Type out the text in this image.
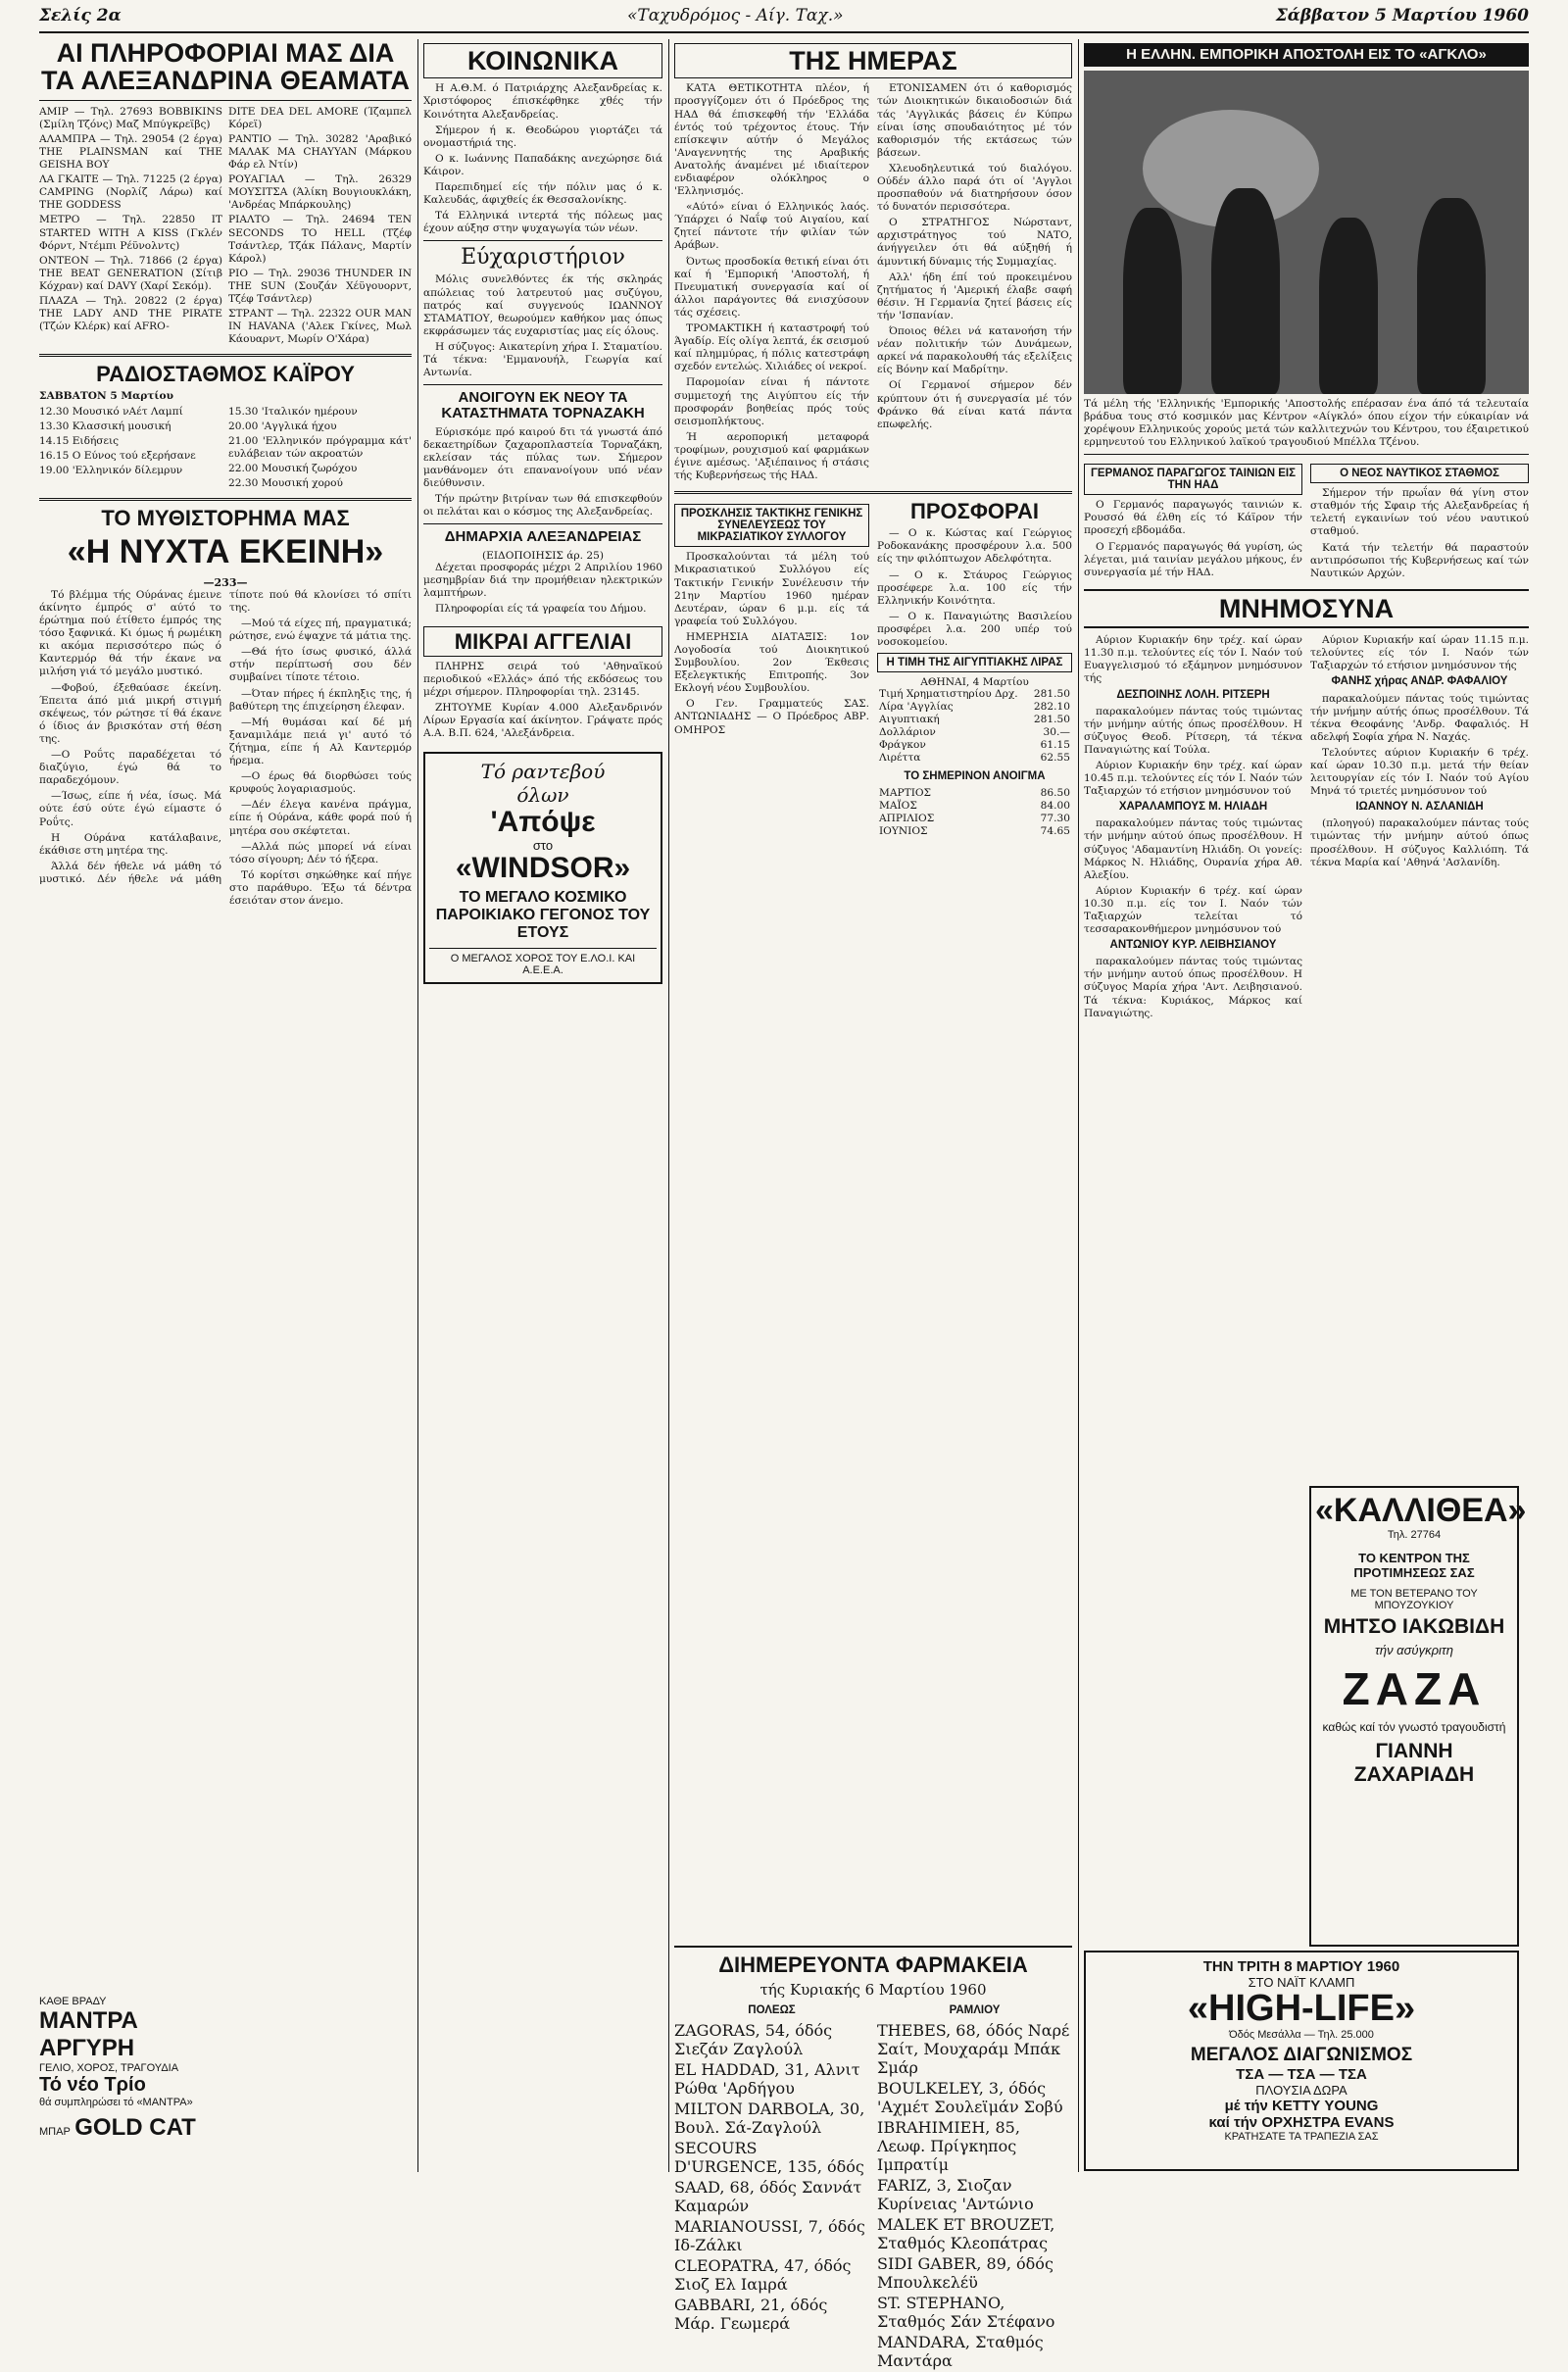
Σελίς 2α	«Ταχυδρόμος - Αίγ. Ταχ.»	Σάββατον 5 Μαρτίου 1960
ΑΙ ΠΛΗΡΟΦΟΡΙΑΙ ΜΑΣ ΔΙΑ ΤΑ ΑΛΕΞΑΝΔΡΙΝΑ ΘΕΑΜΑΤΑ

ΑΜΙΡ — Τηλ. 27693 BOBBIKINS (Σμίλη Τζόνς) Μαζ Μπύγκρεϊβς)

ΑΛΑΜΠΡΑ — Τηλ. 29054 (2 έργα) THE PLAINSMAN καί THE GEISHA BOY

ΛΑ ΓΚΑΙΤΕ — Τηλ. 71225 (2 έργα) CAMPING (Νορλίζ Λάρω) καί THE GODDESS

ΜΕΤΡΟ — Τηλ. 22850 IT STARTED WITH A KISS (Γκλέν Φόρντ, Ντέμπι Ρέϋνολντς)

ΟΝΤΕΟΝ — Τηλ. 71866 (2 έργα) THE BEAT GENERATION (Σίτιβ Κόχραν) καί DAVY (Χαρί Σεκόμ).

ΠΛΑΖΑ — Τηλ. 20822 (2 έργα) THE LADY AND THE PIRATE (Τζών Κλέρκ) καί AFRO-

DITE DEA DEL AMORE (Ίζαμπελ Κόρεϊ)

ΡΑΝΤΙΟ — Τηλ. 30282 'Αραβικό ΜΑΛΑΚ ΜΑ CHAYYAN (Μάρκου Φάρ ελ Ντίν)

ΡΟΥΑΓΙΑΛ — Τηλ. 26329 ΜΟΥΣΙΤΣΑ (Άλίκη Βουγιουκλάκη, 'Ανδρέας Μπάρκουλης)

ΡΙΑΛΤΟ — Τηλ. 24694 TEN SECONDS TO HELL (Τζέφ Τσάντλερ, Τζάκ Πάλανς, Μαρτίν Κάρολ)

ΡΙΟ — Τηλ. 29036 THUNDER IN THE SUN (Σουζάν Χέϋγουορντ, Τζέφ Τσάντλερ)

ΣΤΡΑΝΤ — Τηλ. 22322 OUR MAN IN HAVANA ('Αλεκ Γκίνες, Μωλ Κάουαρντ, Μωρίν Ο'Χάρα)

ΡΑΔΙΟΣΤΑΘΜΟΣ ΚΑΪΡΟΥ

ΣΑΒΒΑΤΟΝ 5 Μαρτίου

12.30 Μουσικό νΑέτ Λαμπί

13.30 Κλασσική μουσική

14.15 Ειδήσεις

16.15 Ο Εύνος τού εξερήσανε

19.00 'Ελληνικόν δίλεμρυν

15.30 'Ιταλικόν ημέρουν

20.00 'Αγγλικά ήχου

21.00 'Ελληνικόν πρόγραμμα κάτ' ευλάβειαν τών ακροατών

22.00 Μουσική ζωρόχου

22.30 Μουσική χορού

ΤΟ ΜΥΘΙΣΤΟΡΗΜΑ ΜΑΣ
«Η ΝΥΧΤΑ ΕΚΕΙΝΗ»
—233—

Τό βλέμμα τής Ούράνας έμεινε άκίνητο έμπρός σ' αύτό το έρώτημα πού έτίθετο έμπρός της τόσο ξαφνικά. Κι όμως ή ρωμέικη κι ακόμα περισσότερο πώς ό Καντερμόρ θά τήν έκανε να μιλήση γιά τό μεγάλο μυστικό.

—Φοβού, έξεθαύασε έκείνη. Έπειτα άπό μιά μικρή στιγμή σκέψεως, τόν ρώτησε τί θά έκανε ό ίδιος άν βρισκόταν στή θέση της.

—Ο Ροΰτς παραδέχεται τό διαζύγιο, έγώ θά το παραδεχόμουν.

—Ίσως, είπε ή νέα, ίσως. Μά ούτε έσύ ούτε έγώ είμαστε ό Ροΰτς.

Η Ούράνα κατάλαβαινε, έκάθισε στη μητέρα της.

Άλλά δέν ήθελε νά μάθη τό μυστικό. Δέν ήθελε νά μάθη τίποτε πού θά κλονίσει τό σπίτι της.

—Μού τά είχες πή, πραγματικά; ρώτησε, ενώ έψαχνε τά μάτια της.

—Θά ήτο ίσως φυσικό, άλλά στήν περίπτωσή σου δέν συμβαίνει τίποτε τέτοιο.

—Όταν πήρες ή έκπληξις της, ή βαθύτερη της έπιχείρηση έλεφαν.

—Μή θυμάσαι καί δέ μή ξαναμιλάμε πειά γι' αυτό τό ζήτημα, είπε ή Αλ Καντερμόρ ήρεμα.

—Ο έρως θά διορθώσει τούς κρυφούς λογαριασμούς.

—Δέν έλεγα κανένα πράγμα, είπε ή Ούράνα, κάθε φορά πού ή μητέρα σου σκέφτεται.

—Αλλά πώς μπορεί νά είναι τόσο σίγουρη; Δέν τό ήξερα.

Τό κορίτσι σηκώθηκε καί πήγε στο παράθυρο. Έξω τά δέντρα έσειόταν στον άνεμο.

ΚΑΘΕ ΒΡΑΔΥ
ΜΑΝΤΡΑ ΑΡΓΥΡΗ
ΓΕΛΙΟ, ΧΟΡΟΣ, ΤΡΑΓΟΥΔΙΑ
Τό νέο Τρίο
θά συμπληρώσει τό «ΜΑΝΤΡΑ»
ΜΠΑΡ GOLD CAT
ΚΟΙΝΩΝΙΚΑ

Η Α.Θ.Μ. ό Πατριάρχης Αλεξανδρείας κ. Χριστόφορος έπισκέφθηκε χθές τήν Κοινότητα Αλεξανδρείας.

Σήμερον ή κ. Θεοδώρου γιορτάζει τά ονομαστήριά της.

Ο κ. Ιωάννης Παπαδάκης ανεχώρησε διά Κάιρον.

Παρεπιδημεί είς τήν πόλιν μας ό κ. Καλευδάς, άφιχθείς έκ Θεσσαλονίκης.

Τά Ελληνικά ιντερτά τής πόλεως μας έχουν αύξησ στην ψυχαγωγία τών νέων.

Εύχαριστήριον

Μόλις συνελθόντες έκ τής σκληράς απώλειας τού λατρευτού μας συζύγου, πατρός καί συγγενούς ΙΩΑΝΝΟΥ ΣΤΑΜΑΤΙΟΥ, θεωρούμεν καθήκον μας όπως εκφράσωμεν τάς ευχαριστίας μας είς όλους.

Η σύζυγος: Αικατερίνη χήρα Ι. Σταματίου. Τά τέκνα: 'Εμμανουήλ, Γεωργία καί Αντωνία.

ΑΝΟΙΓΟΥΝ ΕΚ ΝΕΟΥ ΤΑ ΚΑΤΑΣΤΗΜΑΤΑ ΤΟΡΝΑΖΑΚΗ

Εύρισκόμε πρό καιρού δτι τά γνωστά άπό δεκαετηρίδων ζαχαροπλαστεία Τορναζάκη, εκλείσαν τάς πύλας των. Σήμερον μανθάνομεν ότι επανανοίγουν υπό νέαν διεύθυνσιν.

Τήν πρώτην βιτρίναν των θά επισκεφθούν οι πελάται και ο κόσμος της Αλεξανδρείας.

ΔΗΜΑΡΧΙΑ ΑΛΕΞΑΝΔΡΕΙΑΣ
(ΕΙΔΟΠΟΙΗΣΙΣ άρ. 25)

Δέχεται προσφοράς μέχρι 2 Απριλίου 1960 μεσημβρίαν διά την προμήθειαν ηλεκτρικών λαμπτήρων.

Πληροφορίαι είς τά γραφεία του Δήμου.

ΜΙΚΡΑΙ ΑΓΓΕΛΙΑΙ

ΠΛΗΡΗΣ σειρά τού 'Αθηναϊκού περιοδικού «Ελλάς» άπό τής εκδόσεως του μέχρι σήμερον. Πληροφορίαι τηλ. 23145.

ΖΗΤΟΥΜΕ Κυρίαν 4.000 Αλεξανδρινόν Λίρων Εργασία καί άκίνητον. Γράψατε πρός Α.Α. Β.Π. 624, 'Αλεξάνδρεια.

Τό ραντεβού
όλων
'Απόψε
στο
«WINDSOR»
ΤΟ ΜΕΓΑΛΟ ΚΟΣΜΙΚΟ ΠΑΡΟΙΚΙΑΚΟ ΓΕΓΟΝΟΣ ΤΟΥ ΕΤΟΥΣ
Ο ΜΕΓΑΛΟΣ ΧΟΡΟΣ ΤΟΥ Ε.ΛΟ.Ι. ΚΑΙ Α.Ε.Ε.Α.
ΤΗΣ ΗΜΕΡΑΣ

ΚΑΤΑ ΘΕΤΙΚΟΤΗΤΑ πλέον, ή προσγγίζομεν ότι ό Πρόεδρος της ΗΑΔ θά έπισκεφθή τήν 'Ελλάδα έντός τού τρέχοντος έτους. Τήν επίσκεψιν αύτήν ό Μεγάλος 'Αναγεννητής της Αραβικής Ανατολής άναμένει μέ ιδιαίτερον ενδιαφέρον ολόκληρος ο 'Ελληνισμός.

«Αύτό» είναι ό Ελληνικός λαός. Ύπάρχει ό Ναΐφ τού Αιγαίου, καί ζητεί πάντοτε τήν φιλίαν τών Αράβων.

Όντως προσδοκία θετική είναι ότι καί ή 'Εμπορική 'Αποστολή, ή Πνευματική συνεργασία καί οί άλλοι παράγοντες θά ενισχύσουν τάς σχέσεις.

ΤΡΟΜΑΚΤΙΚΗ ή καταστροφή τού Άγαδίρ. Είς ολίγα λεπτά, έκ σεισμού καί πλημμύρας, ή πόλις κατεστράφη σχεδόν εντελώς. Χιλιάδες οί νεκροί.

Παρομοίαν είναι ή πάντοτε συμμετοχή της Αιγύπτου είς τήν προσφοράν βοηθείας πρός τούς σεισμοπλήκτους.

Ή αεροπορική μεταφορά τροφίμων, ρουχισμού καί φαρμάκων έγινε αμέσως. 'Αξιέπαινος ή στάσις τής Κυβερνήσεως τής ΗΑΔ.

ΕΤΟΝΙΣΑΜΕΝ ότι ό καθορισμός τών Διοικητικών δικαιοδοσιών διά τάς 'Αγγλικάς βάσεις έν Κύπρω είναι ίσης σπουδαιότητος μέ τόν καθορισμόν τής εκτάσεως τών βάσεων.

Χλευοδηλευτικά τού διαλόγου. Ούδέν άλλο παρά ότι οί 'Αγγλοι προσπαθούν νά διατηρήσουν όσον τό δυνατόν περισσότερα.

Ο ΣΤΡΑΤΗΓΟΣ Νώρσταντ, αρχιστράτηγος τού ΝΑΤΟ, άνήγγειλεν ότι θά αύξηθή ή άμυντική δύναμις τής Συμμαχίας.

Αλλ' ήδη έπί τού προκειμένου ζητήματος ή 'Αμερική έλαβε σαφή θέσιν. Ή Γερμανία ζητεί βάσεις είς τήν 'Ισπανίαν.

Όποιος θέλει νά κατανοήση τήν νέαν πολιτικήν τών Δυνάμεων, αρκεί νά παρακολουθή τάς εξελίξεις είς Βόνην καί Μαδρίτην.

Οί Γερμανοί σήμερον δέν κρύπτουν ότι ή συνεργασία μέ τόν Φράνκο θά είναι κατά πάντα επωφελής.

ΠΡΟΣΚΛΗΣΙΣ ΤΑΚΤΙΚΗΣ ΓΕΝΙΚΗΣ ΣΥΝΕΛΕΥΣΕΩΣ ΤΟΥ ΜΙΚΡΑΣΙΑΤΙΚΟΥ ΣΥΛΛΟΓΟΥ

Προσκαλούνται τά μέλη τού Μικρασιατικού Συλλόγου είς Τακτικήν Γενικήν Συνέλευσιν τήν 21ην Μαρτίου 1960 ημέραν Δευτέραν, ώραν 6 μ.μ. είς τά γραφεία τού Συλλόγου.

ΗΜΕΡΗΣΙΑ ΔΙΑΤΑΞΙΣ: 1ον Λογοδοσία τού Διοικητικού Συμβουλίου. 2ον Έκθεσις Εξελεγκτικής Επιτροπής. 3ον Εκλογή νέου Συμβουλίου.

Ο Γεν. Γραμματεύς ΣΑΣ. ΑΝΤΩΝΙΑΔΗΣ — Ο Πρόεδρος ΑΒΡ. ΟΜΗΡΟΣ

ΠΡΟΣΦΟΡΑΙ

— Ο κ. Κώστας καί Γεώργιος Ροδοκανάκης προσφέρουν λ.α. 500 είς την φιλόπτωχον Αδελφότητα.

— Ο κ. Στάυρος Γεώργιος προσέφερε λ.α. 100 είς τήν Ελληνικήν Κοινότητα.

— Ο κ. Παναγιώτης Βασιλείου προσφέρει λ.α. 200 υπέρ τού νοσοκομείου.

Η ΤΙΜΗ ΤΗΣ ΑΙΓΥΠΤΙΑΚΗΣ ΛΙΡΑΣ
ΑΘΗΝΑΙ, 4 Μαρτίου
Τιμή Χρηματιστηρίου Δρχ.	281.50
Λίρα 'Αγγλίας	282.10
Αιγυπτιακή	281.50
Δολλάριον	30.—
Φράγκον	61.15
Λιρέττα	62.55
ΤΟ ΣΗΜΕΡΙΝΟΝ ΑΝΟΙΓΜΑ
ΜΑΡΤΙΟΣ	86.50
ΜΑΪΟΣ	84.00
ΑΠΡΙΛΙΟΣ	77.30
ΙΟΥΝΙΟΣ	74.65
Η ΕΛΛΗΝ. ΕΜΠΟΡΙΚΗ ΑΠΟΣΤΟΛΗ ΕΙΣ ΤΟ «ΑΓΚΛΟ»

Τά μέλη τής 'Ελληνικής 'Εμπορικής 'Αποστολής επέρασαν ένα άπό τά τελευταία βράδυα τους στό κοσμικόν μας Κέντρον «Αίγκλό» όπου είχον τήν εύκαιρίαν νά χορέψουν Ελληνικούς χορούς μετά τών καλλιτεχνών του Κέντρου, του έξαιρετικού ερμηνευτού του Ελληνικού λαϊκού τραγουδιού Μπέλλα Τζένου.

ΓΕΡΜΑΝΟΣ ΠΑΡΑΓΩΓΟΣ ΤΑΙΝΙΩΝ ΕΙΣ ΤΗΝ ΗΑΔ

Ο Γερμανός παραγωγός ταινιών κ. Ρουσσό θά έλθη είς τό Κάϊρον τήν προσεχή εβδομάδα.

Ο Γερμανός παραγωγός θά γυρίση, ώς λέγεται, μιά ταινίαν μεγάλου μήκους, έν συνεργασία μέ τήν ΗΑΔ.

Ο ΝΕΟΣ ΝΑΥΤΙΚΟΣ ΣΤΑΘΜΟΣ

Σήμερον τήν πρωΐαν θά γίνη στον σταθμόν τής Σφαιρ τής Αλεξανδρείας ή τελετή εγκαινίων τού νέου ναυτικού σταθμού.

Κατά τήν τελετήν θά παραστούν αντιπρόσωποι τής Κυβερνήσεως καί τών Ναυτικών Αρχών.

ΜΝΗΜΟΣΥΝΑ

Αύριον Κυριακήν 6ην τρέχ. καί ώραν 11.30 π.μ. τελούντες είς τόν Ι. Ναόν τού Ευαγγελισμού τό εξάμηνον μνημόσυνον τής

ΔΕΣΠΟΙΝΗΣ ΛΟΛΗ. ΡΙΤΣΕΡΗ

παρακαλούμεν πάντας τούς τιμώντας τήν μνήμην αύτής όπως προσέλθουν. Η σύζυγος Θεοδ. Ρίτσερη, τά τέκνα Παναγιώτης καί Τούλα.

Αύριον Κυριακήν 6ην τρέχ. καί ώραν 10.45 π.μ. τελούντες είς τόν Ι. Ναόν τών Ταξιαρχών τό ετήσιον μνημόσυνον τού

ΧΑΡΑΛΑΜΠΟΥΣ Μ. ΗΛΙΑΔΗ

παρακαλούμεν πάντας τούς τιμώντας τήν μνήμην αύτού όπως προσέλθουν. Η σύζυγος 'Αδαμαντίνη Ηλιάδη. Οι γονείς: Μάρκος Ν. Ηλιάδης, Ουρανία χήρα Αθ. Αλεξίου.

Αύριον Κυριακήν 6 τρέχ. καί ώραν 10.30 π.μ. είς τον Ι. Ναόν τών Ταξιαρχών τελείται τό τεσσαρακονθήμερον μνημόσυνον τού

ΑΝΤΩΝΙΟΥ ΚΥΡ. ΛΕΙΒΗΣΙΑΝΟΥ

παρακαλούμεν πάντας τούς τιμώντας τήν μνήμην αυτού όπως προσέλθουν. Η σύζυγος Μαρία χήρα 'Αντ. Λειβησιανού. Τά τέκνα: Κυριάκος, Μάρκος καί Παναγιώτης.

Αύριον Κυριακήν καί ώραν 11.15 π.μ. τελούντες είς τόν Ι. Ναόν τών Ταξιαρχών τό ετήσιον μνημόσυνον τής

ΦΑΝΗΣ χήρας ΑΝΔΡ. ΦΑΦΑΛΙΟΥ

παρακαλούμεν πάντας τούς τιμώντας τήν μνήμην αύτής όπως προσέλθουν. Τά τέκνα Θεοφάνης 'Ανδρ. Φαφαλιός. Η αδελφή Σοφία χήρα Ν. Ναχάς.

Τελούντες αύριον Κυριακήν 6 τρέχ. καί ώραν 10.30 π.μ. μετά τήν θείαν λειτουργίαν είς τόν Ι. Ναόν τού Αγίου Μηνά τό τριετές μνημόσυνον τού

ΙΩΑΝΝΟΥ Ν. ΑΣΛΑΝΙΔΗ

(πλοηγού) παρακαλούμεν πάντας τούς τιμώντας τήν μνήμην αύτού όπως προσέλθουν. Η σύζυγος Καλλιόπη. Τά τέκνα Μαρία καί 'Αθηνά 'Ασλανίδη.

«ΚΑΛΛΙΘΕΑ»
Τηλ. 27764
ΤΟ ΚΕΝΤΡΟΝ ΤΗΣ ΠΡΟΤΙΜΗΣΕΩΣ ΣΑΣ
ΜΕ ΤΟΝ ΒΕΤΕΡΑΝΟ ΤΟΥ ΜΠΟΥΖΟΥΚΙΟΥ
ΜΗΤΣΟ ΙΑΚΩΒΙΔΗ
τήν ασύγκριτη
ΖΑΖΑ
καθώς καί τόν γνωστό τραγουδιστή
ΓΙΑΝΝΗ ΖΑΧΑΡΙΑΔΗ
ΔΙΗΜΕΡΕΥΟΝΤΑ ΦΑΡΜΑΚΕΙΑ
τής Κυριακής 6 Μαρτίου 1960
ΠΟΛΕΩΣ

ZAGORAS, 54, όδός Σιεζάν Ζαγλούλ

EL HADDAD, 31, Αλνιτ Ρώθα 'Αρδήγου

MILTON DARBOLA, 30, Βουλ. Σά-Ζαγλούλ

SECOURS D'URGENCE, 135, όδός

SAAD, 68, όδός Σαννάτ Καμαρών

MARIANOUSSI, 7, όδός Ιδ-Ζάλκι

CLEOPATRA, 47, όδός Σιοζ Ελ Ιαμρά

GABBARI, 21, όδός Μάρ. Γεωμερά

ΡΑΜΛΙΟΥ

THEBES, 68, όδός Ναρέ Σαίτ, Μουχαράμ Μπάκ Σμάρ

BOULKELEY, 3, όδός 'Αχμέτ Σουλεϊμάν Σοβύ

IBRAHIMIEH, 85, Λεωφ. Πρίγκηπος Ιμπρατίμ

FARIZ, 3, Σιοζαν Κυρίνειας 'Αντώνιο

MALEK ET BROUZET, Σταθμός Κλεοπάτρας

SIDI GABER, 89, όδός Μπουλκελέϋ

ST. STEPHANO, Σταθμός Σάν Στέφανο

MANDARA, Σταθμός Μαντάρα

ΤΗΝ ΤΡΙΤΗ 8 ΜΑΡΤΙΟΥ 1960
ΣΤΟ ΝΑΪΤ ΚΛΑΜΠ
«HIGH-LIFE»
Όδός Μεσάλλα — Τηλ. 25.000
ΜΕΓΑΛΟΣ ΔΙΑΓΩΝΙΣΜΟΣ
ΤΣΑ — ΤΣΑ — ΤΣΑ
ΠΛΟΥΣΙΑ ΔΩΡΑ
μέ τήν ΚΕΤΤΥ YOUNG
καί τήν ΟΡΧΗΣΤΡΑ EVANS
ΚΡΑΤΗΣΑΤΕ ΤΑ ΤΡΑΠΕΖΙΑ ΣΑΣ
